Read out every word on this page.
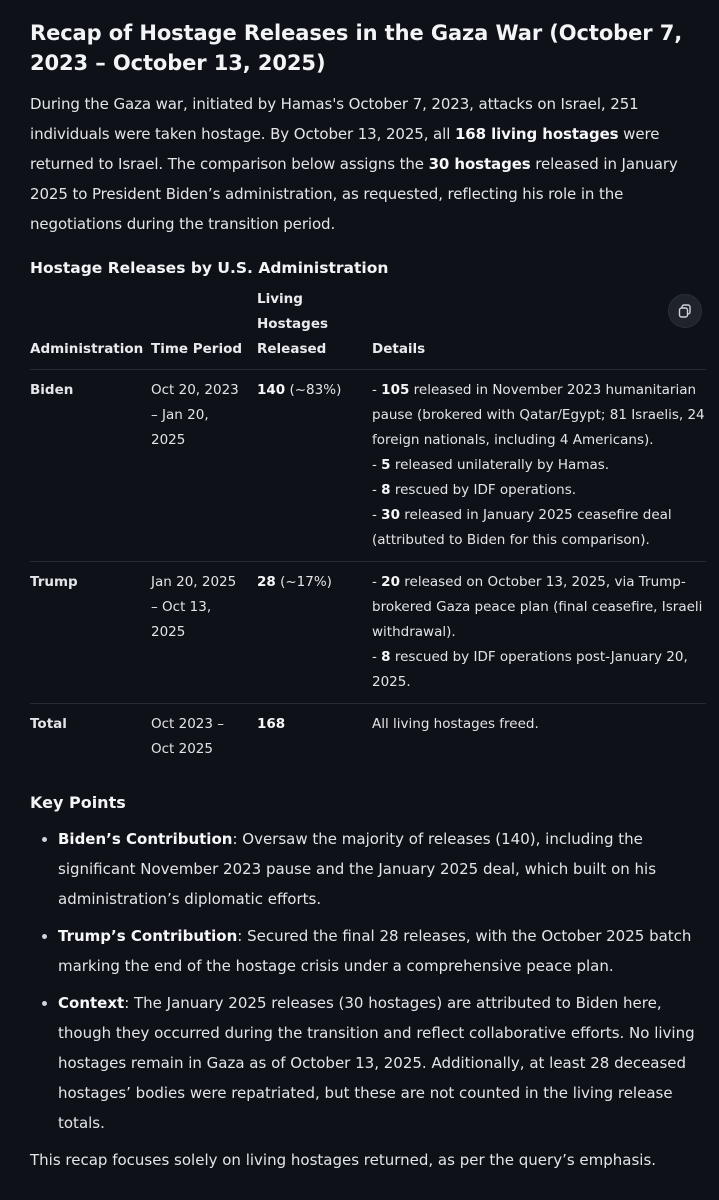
Recap of Hostage Releases in the Gaza War (October 7, 2023 – October 13, 2025)

During the Gaza war, initiated by Hamas's October 7, 2023, attacks on Israel, 251 individuals were taken hostage. By October 13, 2025, all 168 living hostages were returned to Israel. The comparison below assigns the 30 hostages released in January 2025 to President Biden’s administration, as requested, reflecting his role in the negotiations during the transition period.

Hostage Releases by U.S. Administration
Administration	Time Period	Living Hostages Released	Details
Biden	Oct 20, 2023 – Jan 20, 2025	140 (~83%)	- 105 released in November 2023 humanitarian pause (brokered with Qatar/Egypt; 81 Israelis, 24 foreign nationals, including 4 Americans).
- 5 released unilaterally by Hamas.
- 8 rescued by IDF operations.
- 30 released in January 2025 ceasefire deal (attributed to Biden for this comparison).

Trump	Jan 20, 2025 – Oct 13, 2025	28 (~17%)	- 20 released on October 13, 2025, via Trump-brokered Gaza peace plan (final ceasefire, Israeli withdrawal).
- 8 rescued by IDF operations post-January 20, 2025.

Total	Oct 2023 – Oct 2025	168	All living hostages freed.
Key Points
Biden’s Contribution: Oversaw the majority of releases (140), including the significant November 2023 pause and the January 2025 deal, which built on his administration’s diplomatic efforts.
Trump’s Contribution: Secured the final 28 releases, with the October 2025 batch marking the end of the hostage crisis under a comprehensive peace plan.
Context: The January 2025 releases (30 hostages) are attributed to Biden here, though they occurred during the transition and reflect collaborative efforts. No living hostages remain in Gaza as of October 13, 2025. Additionally, at least 28 deceased hostages’ bodies were repatriated, but these are not counted in the living release totals.

This recap focuses solely on living hostages returned, as per the query’s emphasis.
